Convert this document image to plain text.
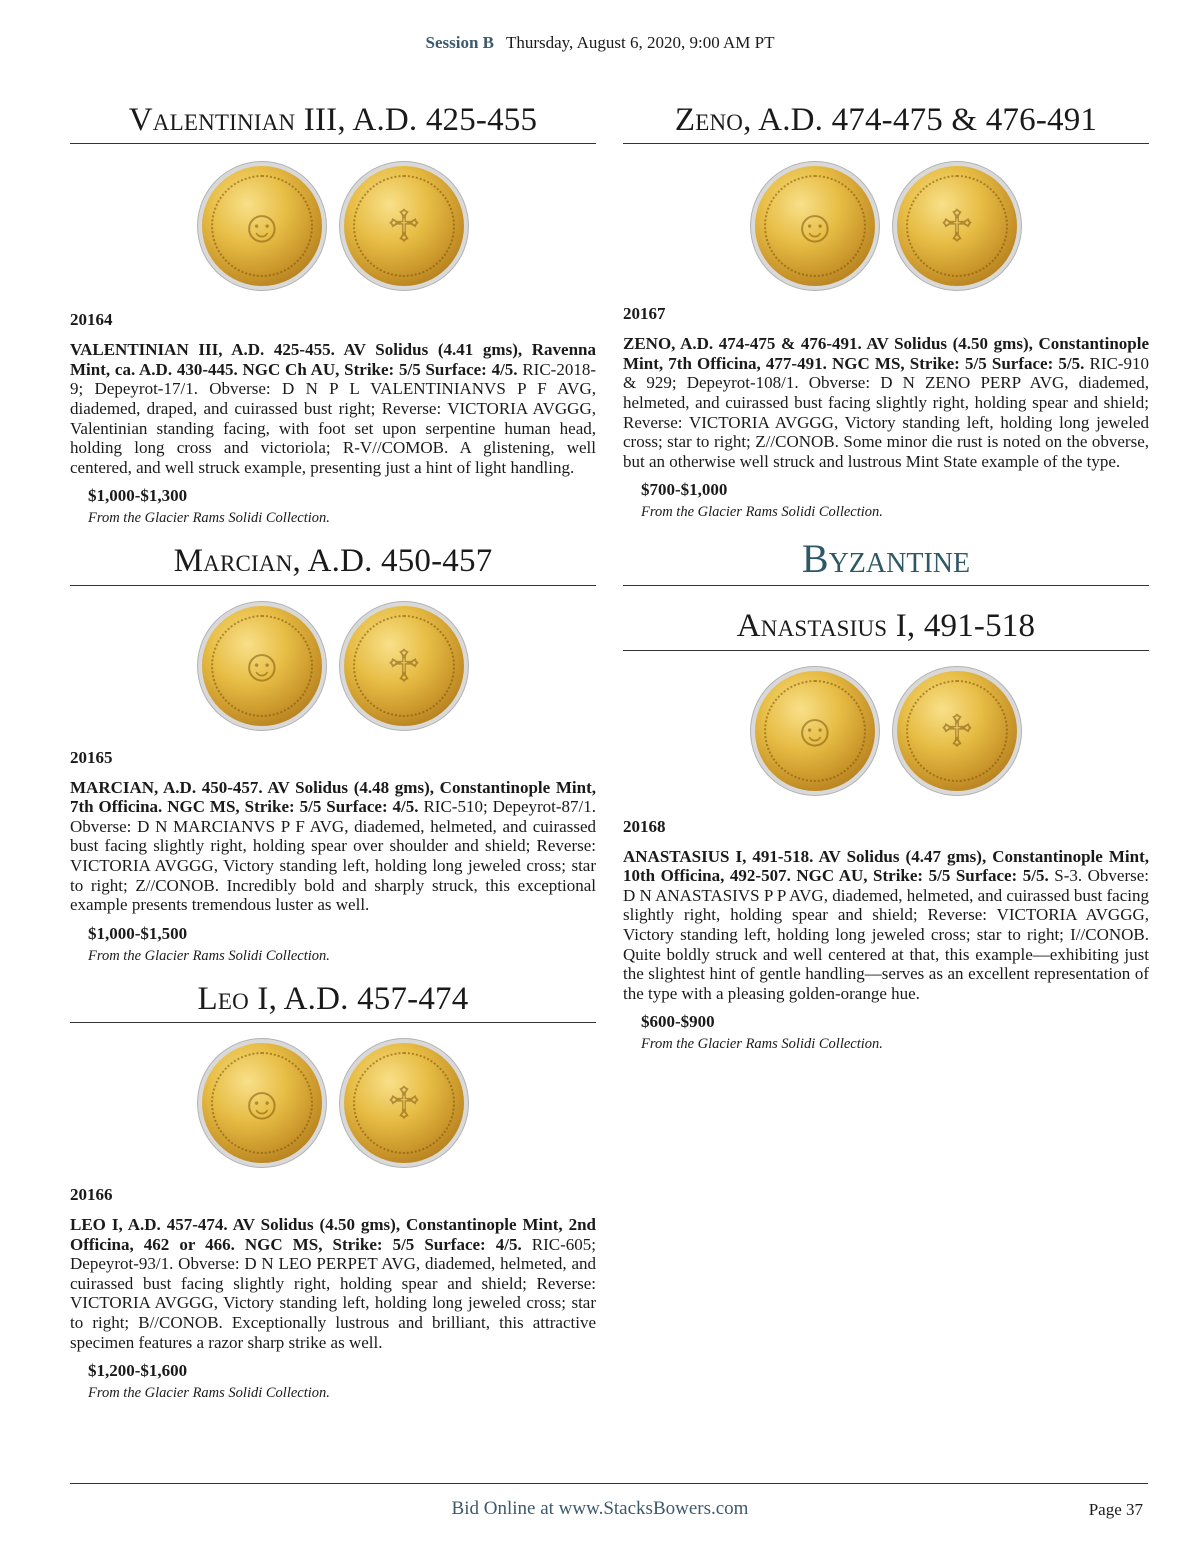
Session B Thursday, August 6, 2020, 9:00 AM PT
Valentinian III, A.D. 425-455
☺	♱
20164
VALENTINIAN III, A.D. 425-455. AV Solidus (4.41 gms), Ravenna Mint, ca. A.D. 430-445. NGC Ch AU, Strike: 5/5 Surface: 4/5. RIC-2018-9; Depeyrot-17/1. Obverse: D N P L VALENTINIANVS P F AVG, diademed, draped, and cuirassed bust right; Reverse: VICTORIA AVGGG, Valentinian standing facing, with foot set upon serpentine human head, holding long cross and victoriola; R-V//COMOB. A glistening, well centered, and well struck example, presenting just a hint of light handling.
$1,000-$1,300
From the Glacier Rams Solidi Collection.
Marcian, A.D. 450-457
☺	♱
20165
MARCIAN, A.D. 450-457. AV Solidus (4.48 gms), Constantinople Mint, 7th Officina. NGC MS, Strike: 5/5 Surface: 4/5. RIC-510; Depeyrot-87/1. Obverse: D N MARCIANVS P F AVG, diademed, helmeted, and cuirassed bust facing slightly right, holding spear over shoulder and shield; Reverse: VICTORIA AVGGG, Victory standing left, holding long jeweled cross; star to right; Z//CONOB. Incredibly bold and sharply struck, this exceptional example presents tremendous luster as well.
$1,000-$1,500
From the Glacier Rams Solidi Collection.
Leo I, A.D. 457-474
☺	♱
20166
LEO I, A.D. 457-474. AV Solidus (4.50 gms), Constantinople Mint, 2nd Officina, 462 or 466. NGC MS, Strike: 5/5 Surface: 4/5. RIC-605; Depeyrot-93/1. Obverse: D N LEO PERPET AVG, diademed, helmeted, and cuirassed bust facing slightly right, holding spear and shield; Reverse: VICTORIA AVGGG, Victory standing left, holding long jeweled cross; star to right; B//CONOB. Exceptionally lustrous and brilliant, this attractive specimen features a razor sharp strike as well.
$1,200-$1,600
From the Glacier Rams Solidi Collection.
Zeno, A.D. 474-475 & 476-491
☺	♱
20167
ZENO, A.D. 474-475 & 476-491. AV Solidus (4.50 gms), Constantinople Mint, 7th Officina, 477-491. NGC MS, Strike: 5/5 Surface: 5/5. RIC-910 & 929; Depeyrot-108/1. Obverse: D N ZENO PERP AVG, diademed, helmeted, and cuirassed bust facing slightly right, holding spear and shield; Reverse: VICTORIA AVGGG, Victory standing left, holding long jeweled cross; star to right; Z//CONOB. Some minor die rust is noted on the obverse, but an otherwise well struck and lustrous Mint State example of the type.
$700-$1,000
From the Glacier Rams Solidi Collection.
Byzantine
Anastasius I, 491-518
☺	♱
20168
ANASTASIUS I, 491-518. AV Solidus (4.47 gms), Constantinople Mint, 10th Officina, 492-507. NGC AU, Strike: 5/5 Surface: 5/5. S-3. Obverse: D N ANASTASIVS P P AVG, diademed, helmeted, and cuirassed bust facing slightly right, holding spear and shield; Reverse: VICTORIA AVGGG, Victory standing left, holding long jeweled cross; star to right; I//CONOB. Quite boldly struck and well centered at that, this example—exhibiting just the slightest hint of gentle handling—serves as an excellent representation of the type with a pleasing golden-orange hue.
$600-$900
From the Glacier Rams Solidi Collection.
Bid Online at www.StacksBowers.com	Page 37
